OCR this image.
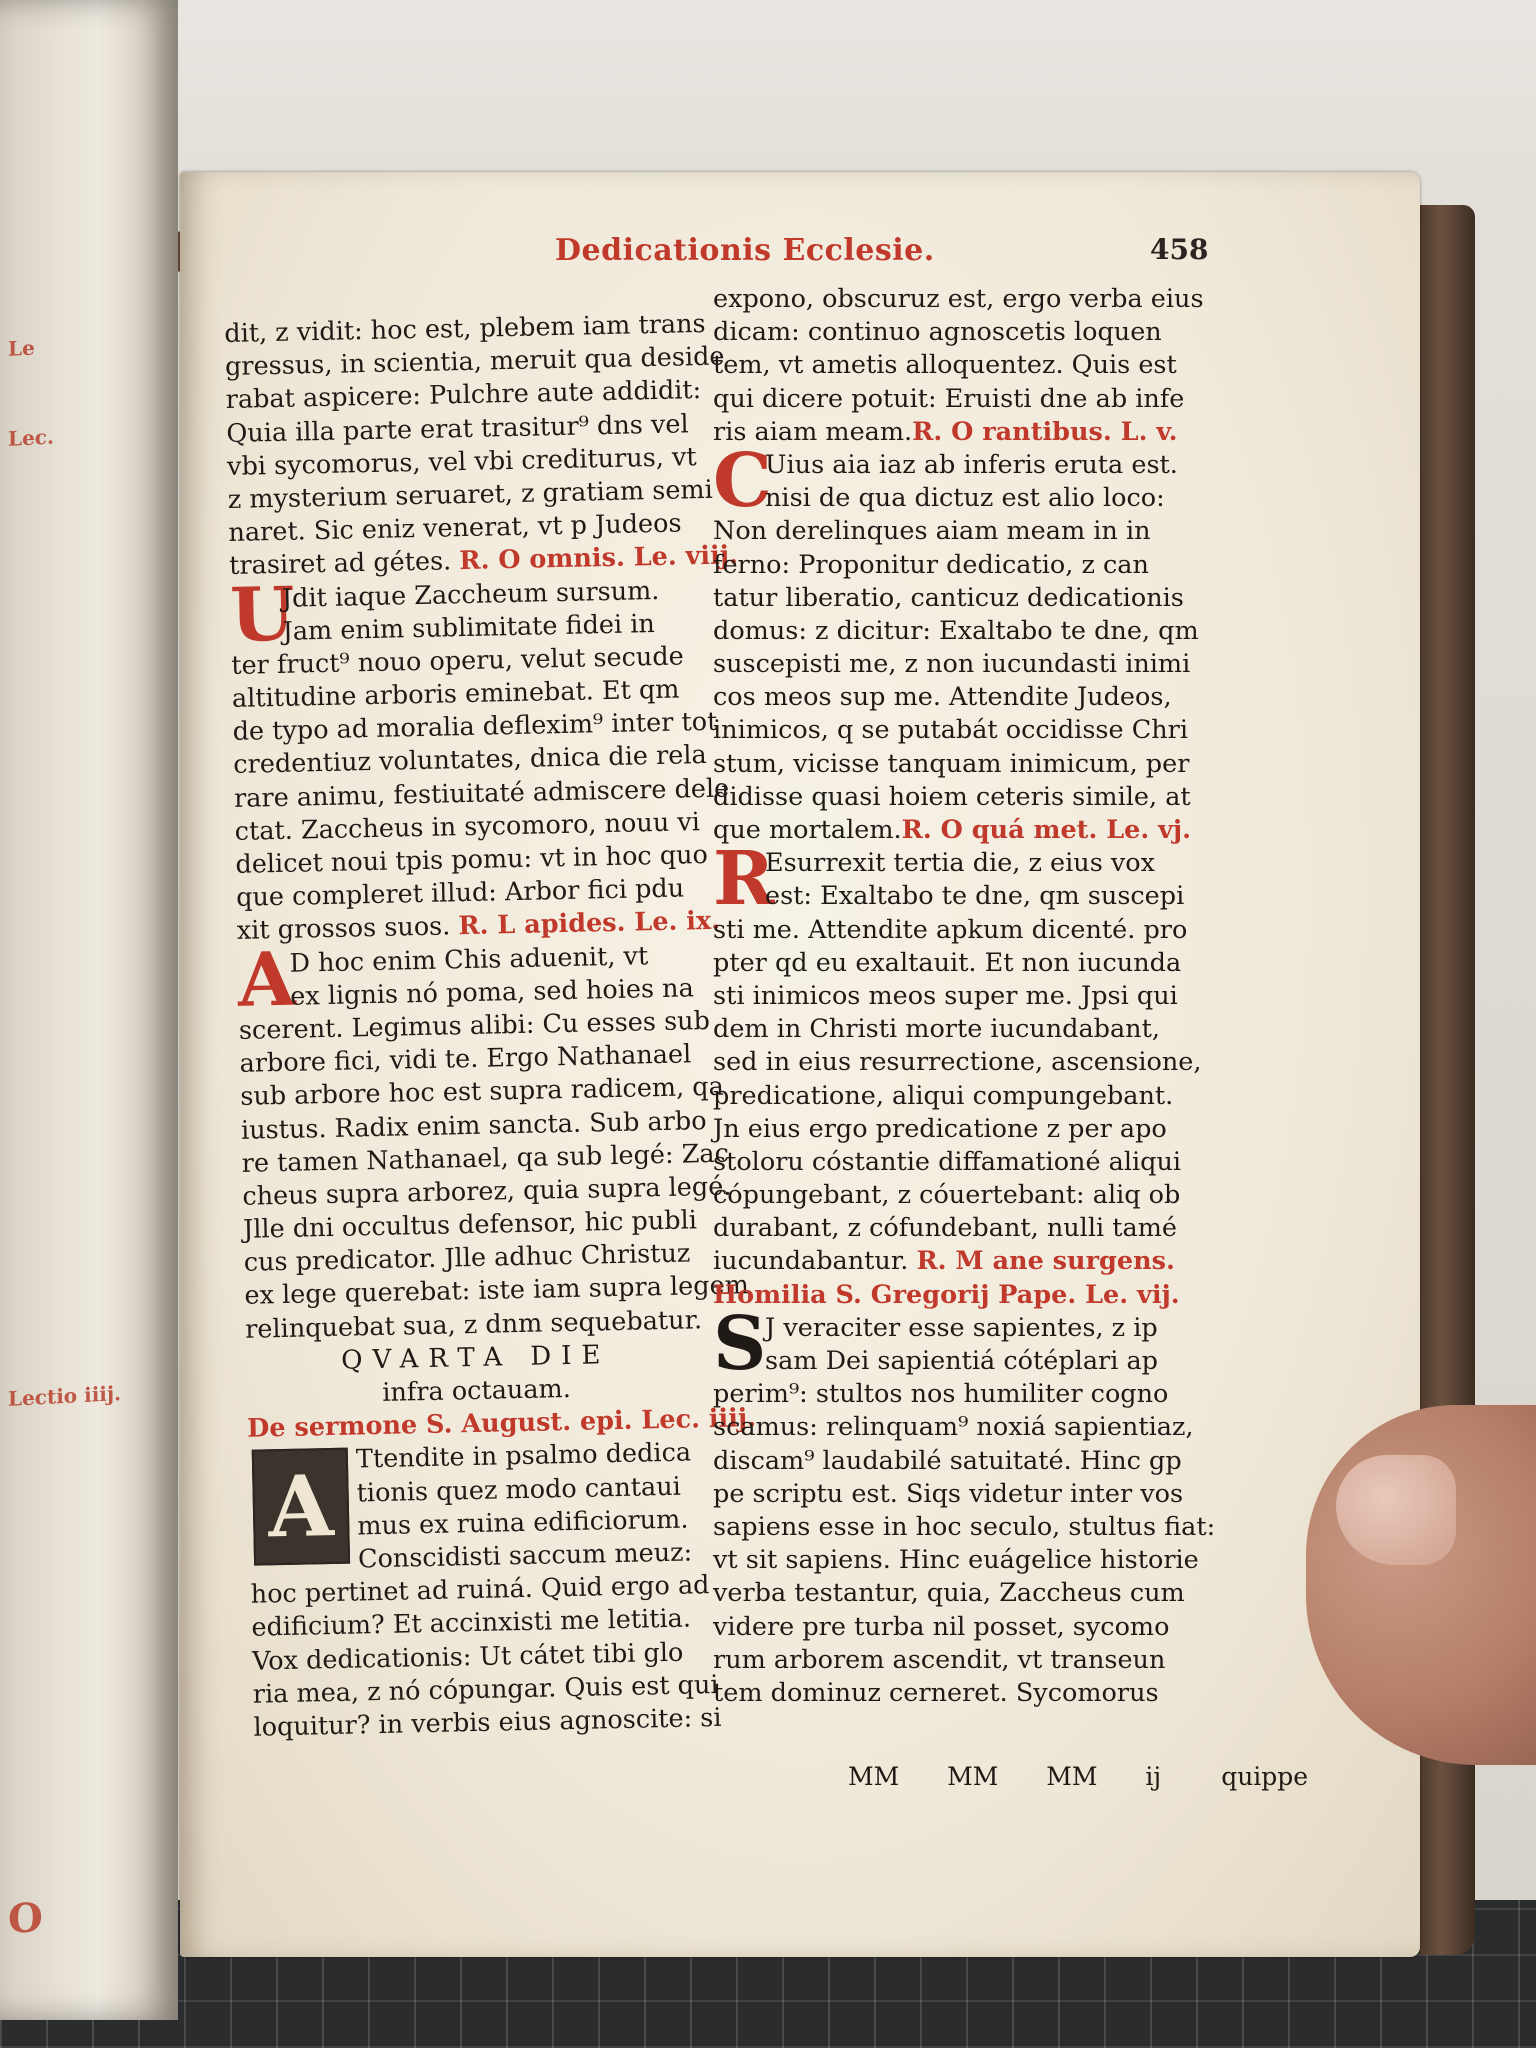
Le
Lec.
Lectio iiij.
O
Dedicationis Ecclesie.	458
dit, z vidit: hoc est, plebem iam trans
gressus, in scientia, meruit qua deside
rabat aspicere: Pulchre aute addidit:
Quia illa parte erat trasitur⁹ dns vel
vbi sycomorus, vel vbi crediturus, vt
z mysterium seruaret, z gratiam semi
naret. Sic eniz venerat, vt p Judeos
trasiret ad gétes. R. O omnis. Le. viij.
U
Jdit iaque Zaccheum sursum.
Jam enim sublimitate fidei in
ter fruct⁹ nouo operu, velut secude
altitudine arboris eminebat. Et qm
de typo ad moralia deflexim⁹ inter tot
credentiuz voluntates, dnica die rela
rare animu, festiuitaté admiscere dele
ctat. Zaccheus in sycomoro, nouu vi
delicet noui tpis pomu: vt in hoc quo
que compleret illud: Arbor fici pdu
xit grossos suos. R. L apides. Le. ix.
A
D hoc enim Chis aduenit, vt
ex lignis nó poma, sed hoies na
scerent. Legimus alibi: Cu esses sub
arbore fici, vidi te. Ergo Nathanael
sub arbore hoc est supra radicem, qa
iustus. Radix enim sancta. Sub arbo
re tamen Nathanael, qa sub legé: Zac
cheus supra arborez, quia supra legé.
Jlle dni occultus defensor, hic publi
cus predicator. Jlle adhuc Christuz
ex lege querebat: iste iam supra legem
relinquebat sua, z dnm sequebatur.
QVARTA DIE
infra octauam.
De sermone S. August. epi. Lec. iiij.
A
Ttendite in psalmo dedica
tionis quez modo cantaui
mus ex ruina edificiorum.
Conscidisti saccum meuz:
hoc pertinet ad ruiná. Quid ergo ad
edificium? Et accinxisti me letitia.
Vox dedicationis: Ut cátet tibi glo
ria mea, z nó cópungar. Quis est qui
loquitur? in verbis eius agnoscite: si
expono, obscuruz est, ergo verba eius
dicam: continuo agnoscetis loquen
tem, vt ametis alloquentez. Quis est
qui dicere potuit: Eruisti dne ab infe
ris aiam meam.R. O rantibus. L. v.
C
Uius aia iaz ab inferis eruta est.
nisi de qua dictuz est alio loco:
Non derelinques aiam meam in in
ferno: Proponitur dedicatio, z can
tatur liberatio, canticuz dedicationis
domus: z dicitur: Exaltabo te dne, qm
suscepisti me, z non iucundasti inimi
cos meos sup me. Attendite Judeos,
inimicos, q se putabát occidisse Chri
stum, vicisse tanquam inimicum, per
didisse quasi hoiem ceteris simile, at
que mortalem.R. O quá met. Le. vj.
R
Esurrexit tertia die, z eius vox
est: Exaltabo te dne, qm suscepi
sti me. Attendite apkum dicenté. pro
pter qd eu exaltauit. Et non iucunda
sti inimicos meos super me. Jpsi qui
dem in Christi morte iucundabant,
sed in eius resurrectione, ascensione,
predicatione, aliqui compungebant.
Jn eius ergo predicatione z per apo
stoloru cóstantie diffamationé aliqui
cópungebant, z cóuertebant: aliq ob
durabant, z cófundebant, nulli tamé
iucundabantur. R. M ane surgens.
Homilia S. Gregorij Pape. Le. vij.
S
J veraciter esse sapientes, z ip
sam Dei sapientiá cótéplari ap
perim⁹: stultos nos humiliter cogno
scamus: relinquam⁹ noxiá sapientiaz,
discam⁹ laudabilé satuitaté. Hinc gp
pe scriptu est. Siqs videtur inter vos
sapiens esse in hoc seculo, stultus fiat:
vt sit sapiens. Hinc euágelice historie
verba testantur, quia, Zaccheus cum
videre pre turba nil posset, sycomo
rum arborem ascendit, vt transeun
tem dominuz cerneret. Sycomorus
MM MM MM ij quippe
